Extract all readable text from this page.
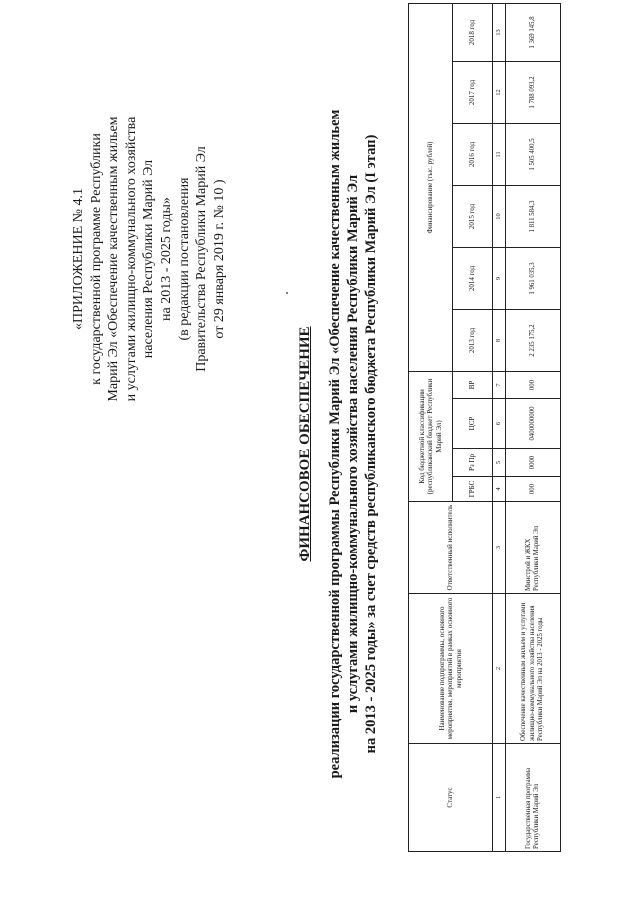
«ПРИЛОЖЕНИЕ № 4.1 к государственной программе Республики Марий Эл «Обеспечение качественным жильем и услугами жилищно-коммунального хозяйства населения Республики Марий Эл на 2013 - 2025 годы» (в редакции постановления Правительства Республики Марий Эл от 29 января 2019 г. № 10 )
ФИНАНСОВОЕ ОБЕСПЕЧЕНИЕ реализации государственной программы Республики Марий Эл «Обеспечение качественным жильем и услугами жилищно-коммунального хозяйства населения Республики Марий Эл на 2013 - 2025 годы» за счет средств республиканского бюджета Республики Марий Эл (I этап)
Статус	Наименование подпрограммы, основного мероприятия, мероприятий в рамках основного мероприятия	Ответственный исполнитель	Код бюджетной классификации (республиканский бюджет Республики Марий Эл)				Финансирование (тыс. рублей)					
			ГРБС	Рз Пр	ЦСР	ВР	2013 год	2014 год	2015 год	2016 год	2017 год	2018 год
1	2	3	4	5	6	7	8	9	10	11	12	13
Государственная программа Республики Марий Эл	Обеспечение качественным жильем и услугами жилищно-коммунального хозяйства населения Республики Марий Эл на 2013 - 2025 годы	Минстрой и ЖКХ Республики Марий Эл	000	0000	0400000000	000	2 235 175,2	1 961 035,3	1 811 584,3	1 505 400,5	1 788 093,2	1 369 145,8
